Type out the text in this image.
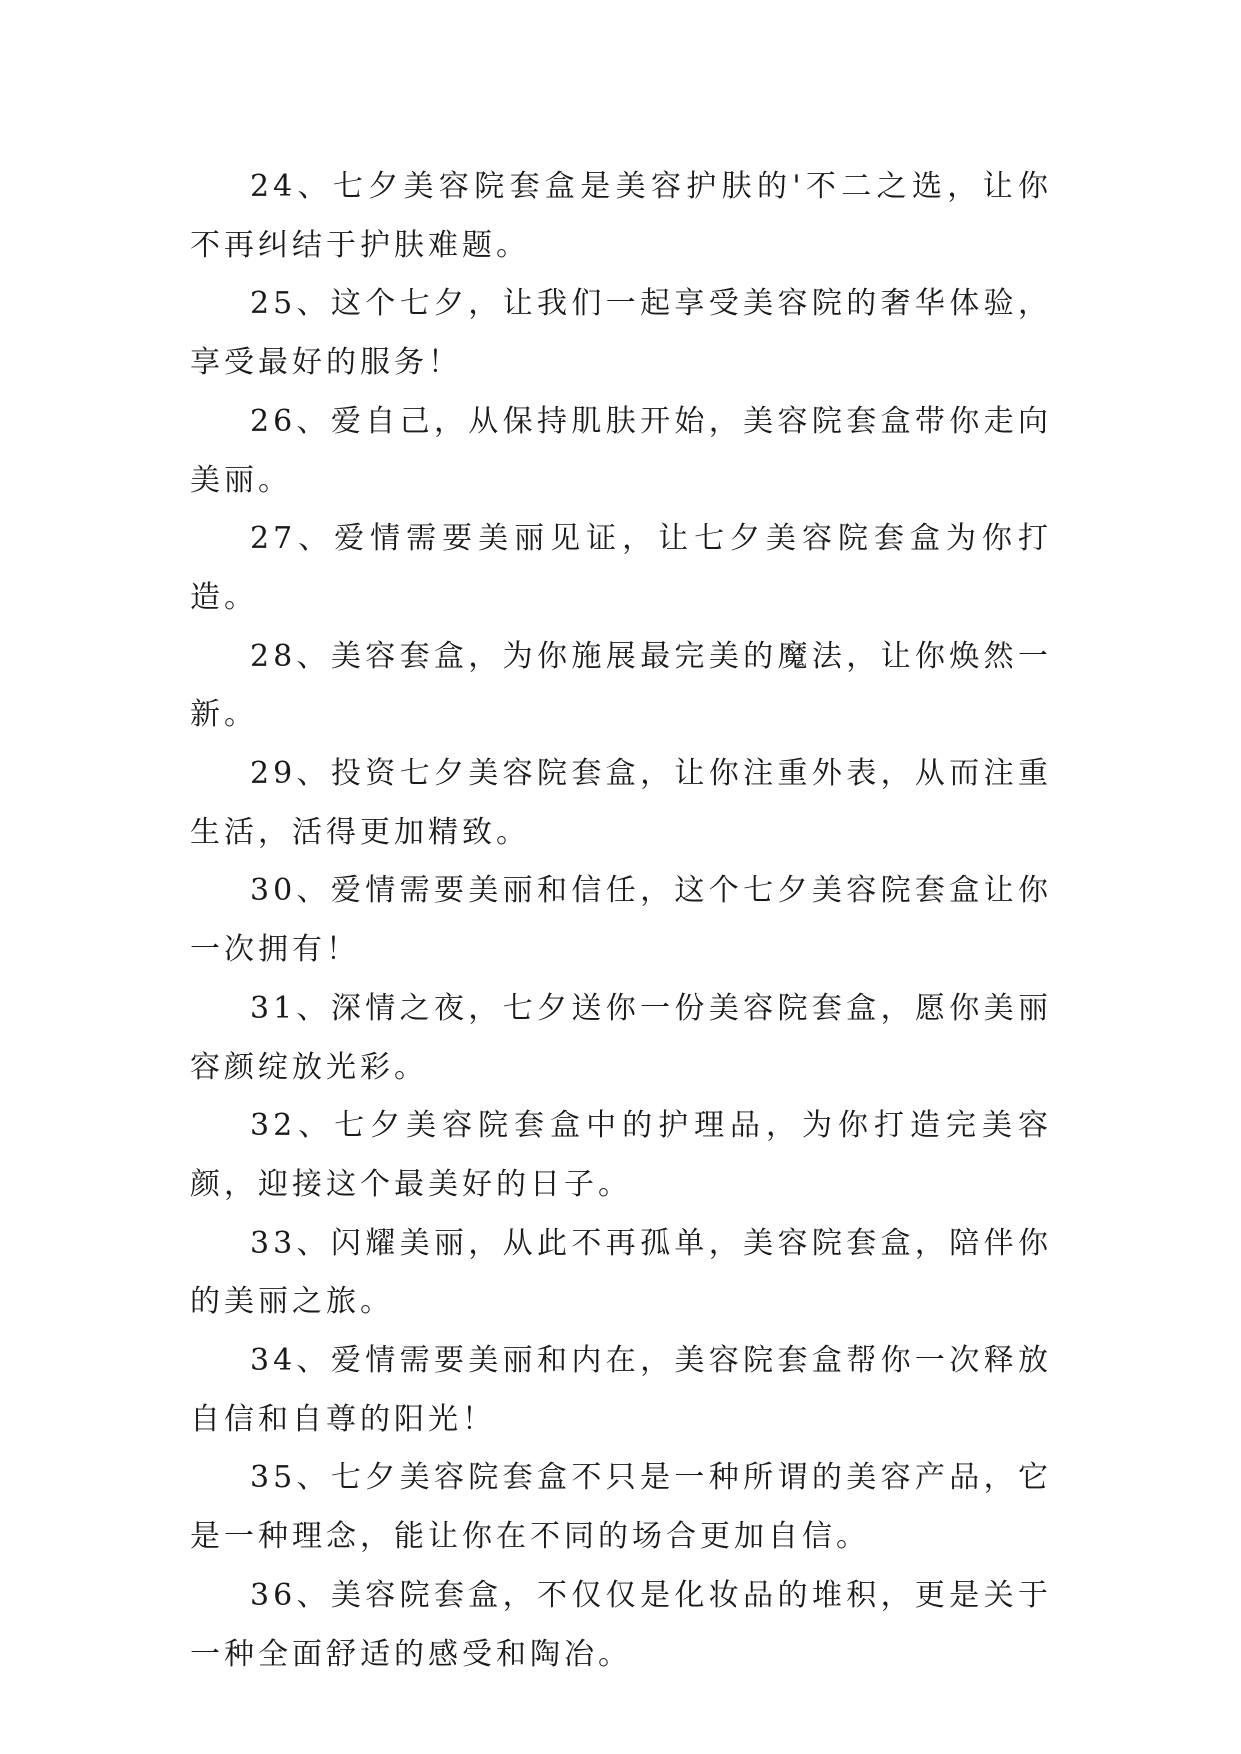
24、七夕美容院套盒是美容护肤的'不二之选，让你不再纠结于护肤难题。

25、这个七夕，让我们一起享受美容院的奢华体验，享受最好的服务！

26、爱自己，从保持肌肤开始，美容院套盒带你走向美丽。

27、爱情需要美丽见证，让七夕美容院套盒为你打造。

28、美容套盒，为你施展最完美的魔法，让你焕然一新。

29、投资七夕美容院套盒，让你注重外表，从而注重生活，活得更加精致。

30、爱情需要美丽和信任，这个七夕美容院套盒让你一次拥有！

31、深情之夜，七夕送你一份美容院套盒，愿你美丽容颜绽放光彩。

32、七夕美容院套盒中的护理品，为你打造完美容颜，迎接这个最美好的日子。

33、闪耀美丽，从此不再孤单，美容院套盒，陪伴你的美丽之旅。

34、爱情需要美丽和内在，美容院套盒帮你一次释放自信和自尊的阳光！

35、七夕美容院套盒不只是一种所谓的美容产品，它是一种理念，能让你在不同的场合更加自信。

36、美容院套盒，不仅仅是化妆品的堆积，更是关于一种全面舒适的感受和陶冶。
